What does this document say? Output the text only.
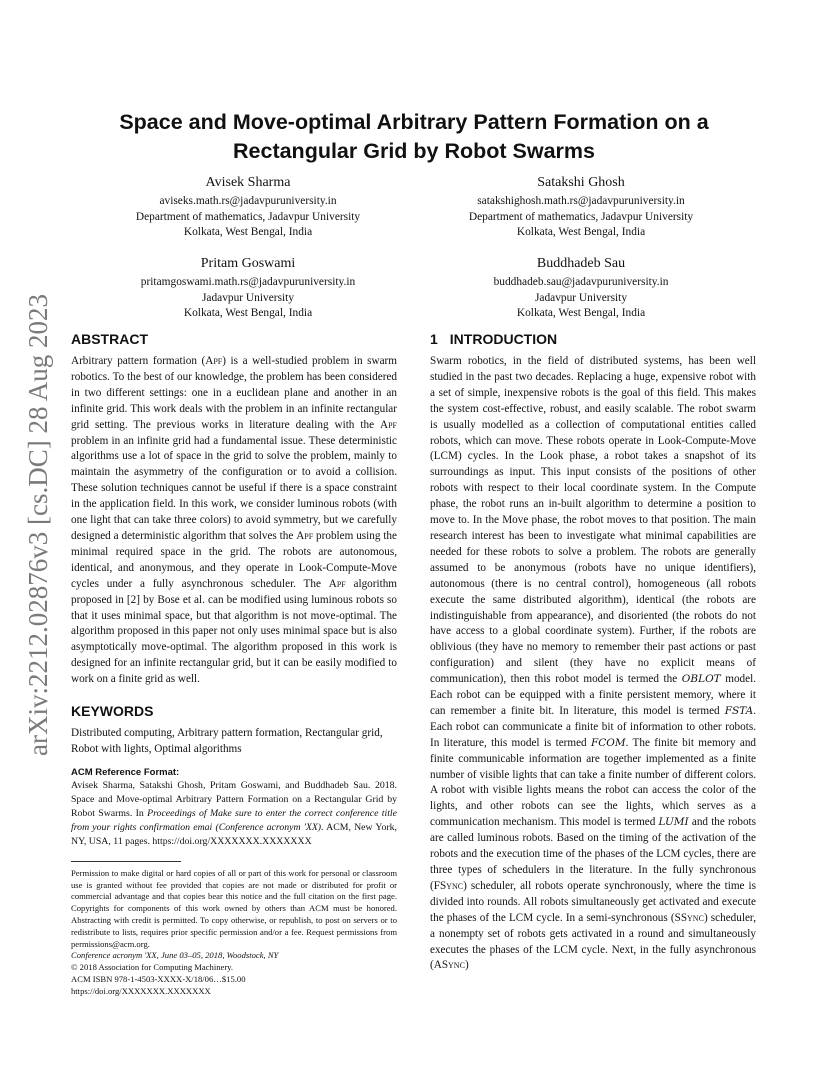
arXiv:2212.02876v3 [cs.DC] 28 Aug 2023
Space and Move-optimal Arbitrary Pattern Formation on a
Rectangular Grid by Robot Swarms
Avisek Sharma
aviseks.math.rs@jadavpuruniversity.in
Department of mathematics, Jadavpur University
Kolkata, West Bengal, India
Satakshi Ghosh
satakshighosh.math.rs@jadavpuruniversity.in
Department of mathematics, Jadavpur University
Kolkata, West Bengal, India
Pritam Goswami
pritamgoswami.math.rs@jadavpuruniversity.in
Jadavpur University
Kolkata, West Bengal, India
Buddhadeb Sau
buddhadeb.sau@jadavpuruniversity.in
Jadavpur University
Kolkata, West Bengal, India
ABSTRACT

Arbitrary pattern formation (Apf) is a well-studied problem in swarm robotics. To the best of our knowledge, the problem has been considered in two different settings: one in a euclidean plane and another in an infinite grid. This work deals with the problem in an infinite rectangular grid setting. The previous works in literature dealing with the Apf problem in an infinite grid had a fundamental issue. These deterministic algorithms use a lot of space in the grid to solve the problem, mainly to maintain the asymmetry of the configuration or to avoid a collision. These solution techniques cannot be useful if there is a space constraint in the application field. In this work, we consider luminous robots (with one light that can take three colors) to avoid symmetry, but we carefully designed a deterministic algorithm that solves the Apf problem using the minimal required space in the grid. The robots are autonomous, identical, and anonymous, and they operate in Look-Compute-Move cycles under a fully asynchronous scheduler. The Apf algorithm proposed in [2] by Bose et al. can be modified using luminous robots so that it uses minimal space, but that algorithm is not move-optimal. The algorithm proposed in this paper not only uses minimal space but is also asymptotically move-optimal. The algorithm proposed in this work is designed for an infinite rectangular grid, but it can be easily modified to work on a finite grid as well.

KEYWORDS

Distributed computing, Arbitrary pattern formation, Rectangular grid, Robot with lights, Optimal algorithms

ACM Reference Format:
Avisek Sharma, Satakshi Ghosh, Pritam Goswami, and Buddhadeb Sau. 2018. Space and Move-optimal Arbitrary Pattern Formation on a Rectangular Grid by Robot Swarms. In Proceedings of Make sure to enter the correct conference title from your rights confirmation emai (Conference acronym 'XX). ACM, New York, NY, USA, 11 pages. https://doi.org/XXXXXXX.XXXXXXX

Permission to make digital or hard copies of all or part of this work for personal or classroom use is granted without fee provided that copies are not made or distributed for profit or commercial advantage and that copies bear this notice and the full citation on the first page. Copyrights for components of this work owned by others than ACM must be honored. Abstracting with credit is permitted. To copy otherwise, or republish, to post on servers or to redistribute to lists, requires prior specific permission and/or a fee. Request permissions from permissions@acm.org.

Conference acronym 'XX, June 03–05, 2018, Woodstock, NY
© 2018 Association for Computing Machinery.
ACM ISBN 978-1-4503-XXXX-X/18/06…$15.00
https://doi.org/XXXXXXX.XXXXXXX
1 INTRODUCTION

Swarm robotics, in the field of distributed systems, has been well studied in the past two decades. Replacing a huge, expensive robot with a set of simple, inexpensive robots is the goal of this field. This makes the system cost-effective, robust, and easily scalable. The robot swarm is usually modelled as a collection of computational entities called robots, which can move. These robots operate in Look-Compute-Move (LCM) cycles. In the Look phase, a robot takes a snapshot of its surroundings as input. This input consists of the positions of other robots with respect to their local coordinate system. In the Compute phase, the robot runs an in-built algorithm to determine a position to move to. In the Move phase, the robot moves to that position. The main research interest has been to investigate what minimal capabilities are needed for these robots to solve a problem. The robots are generally assumed to be anonymous (robots have no unique identifiers), autonomous (there is no central control), homogeneous (all robots execute the same distributed algorithm), identical (the robots are indistinguishable from appearance), and disoriented (the robots do not have access to a global coordinate system). Further, if the robots are oblivious (they have no memory to remember their past actions or past configuration) and silent (they have no explicit means of communication), then this robot model is termed the OBLOT model. Each robot can be equipped with a finite persistent memory, where it can remember a finite bit. In literature, this model is termed FSTA. Each robot can communicate a finite bit of information to other robots. In literature, this model is termed FCOM. The finite bit memory and finite communicable information are together implemented as a finite number of visible lights that can take a finite number of different colors. A robot with visible lights means the robot can access the color of the lights, and other robots can see the lights, which serves as a communication mechanism. This model is termed LUMI and the robots are called luminous robots. Based on the timing of the activation of the robots and the execution time of the phases of the LCM cycles, there are three types of schedulers in the literature. In the fully synchronous (FSync) scheduler, all robots operate synchronously, where the time is divided into rounds. All robots simultaneously get activated and execute the phases of the LCM cycle. In a semi-synchronous (SSync) scheduler, a nonempty set of robots gets activated in a round and simultaneously executes the phases of the LCM cycle. Next, in the fully asynchronous (ASync)
